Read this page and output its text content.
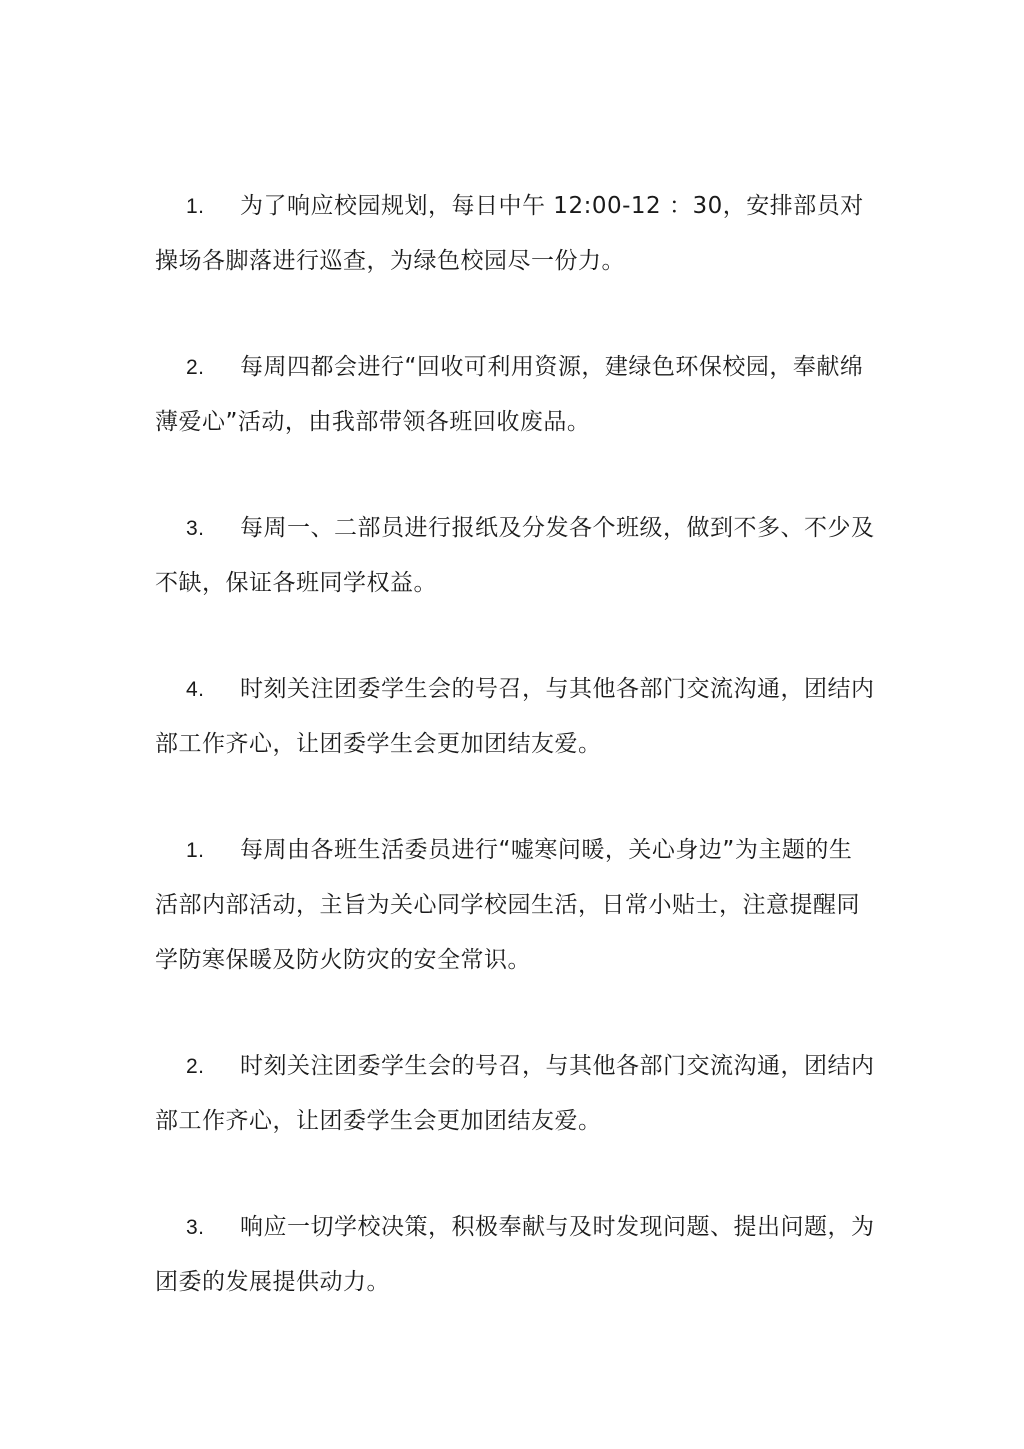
1. 为了响应校园规划，每日中午 12:00-12 ：30，安排部员对操场各脚落进行巡查，为绿色校园尽一份力。

2. 每周四都会进行“回收可利用资源，建绿色环保校园，奉献绵薄爱心”活动，由我部带领各班回收废品。

3. 每周一、二部员进行报纸及分发各个班级，做到不多、不少及不缺，保证各班同学权益。

4. 时刻关注团委学生会的号召，与其他各部门交流沟通，团结内部工作齐心，让团委学生会更加团结友爱。

1. 每周由各班生活委员进行“嘘寒问暖，关心身边”为主题的生活部内部活动，主旨为关心同学校园生活，日常小贴士，注意提醒同学防寒保暖及防火防灾的安全常识。

2. 时刻关注团委学生会的号召，与其他各部门交流沟通，团结内部工作齐心，让团委学生会更加团结友爱。

3. 响应一切学校决策，积极奉献与及时发现问题、提出问题，为团委的发展提供动力。
